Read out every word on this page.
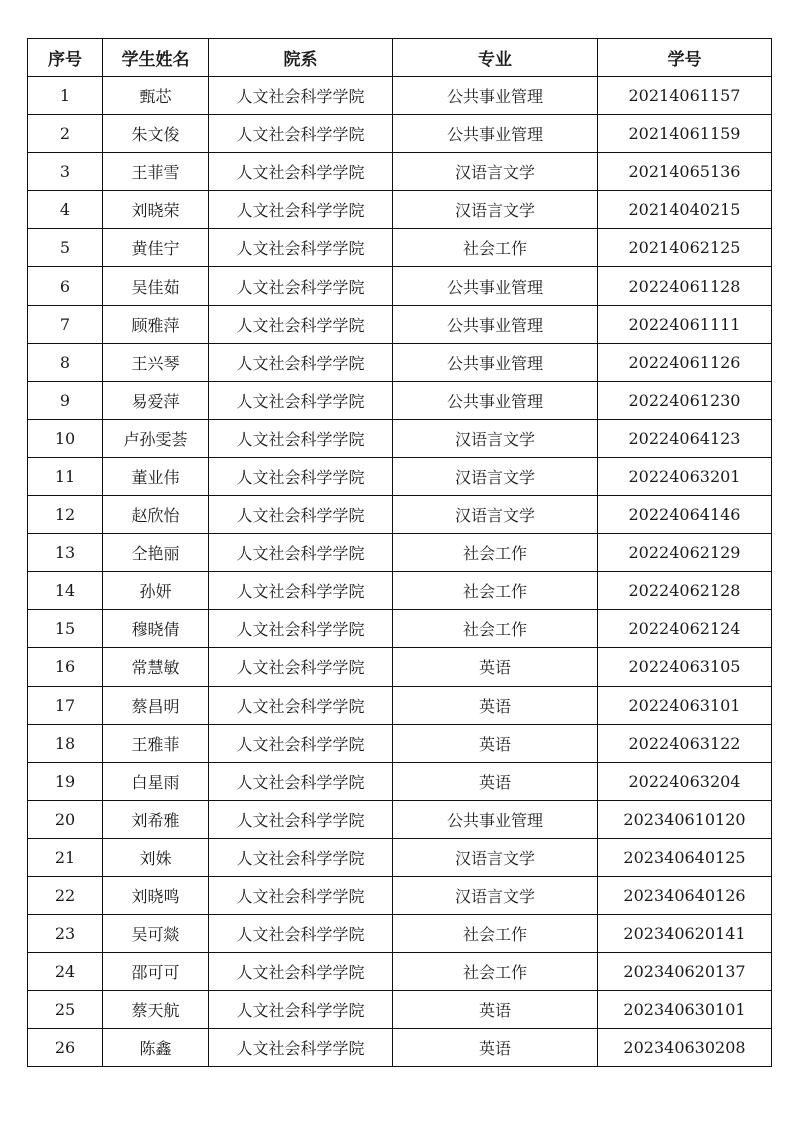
序号	学生姓名	院系	专业	学号
1	甄芯	人文社会科学学院	公共事业管理	20214061157
2	朱文俊	人文社会科学学院	公共事业管理	20214061159
3	王菲雪	人文社会科学学院	汉语言文学	20214065136
4	刘晓荣	人文社会科学学院	汉语言文学	20214040215
5	黄佳宁	人文社会科学学院	社会工作	20214062125
6	吴佳茹	人文社会科学学院	公共事业管理	20224061128
7	顾雅萍	人文社会科学学院	公共事业管理	20224061111
8	王兴琴	人文社会科学学院	公共事业管理	20224061126
9	易爱萍	人文社会科学学院	公共事业管理	20224061230
10	卢孙雯荟	人文社会科学学院	汉语言文学	20224064123
11	董业伟	人文社会科学学院	汉语言文学	20224063201
12	赵欣怡	人文社会科学学院	汉语言文学	20224064146
13	仝艳丽	人文社会科学学院	社会工作	20224062129
14	孙妍	人文社会科学学院	社会工作	20224062128
15	穆晓倩	人文社会科学学院	社会工作	20224062124
16	常慧敏	人文社会科学学院	英语	20224063105
17	蔡昌明	人文社会科学学院	英语	20224063101
18	王雅菲	人文社会科学学院	英语	20224063122
19	白星雨	人文社会科学学院	英语	20224063204
20	刘希雅	人文社会科学学院	公共事业管理	202340610120
21	刘姝	人文社会科学学院	汉语言文学	202340640125
22	刘晓鸣	人文社会科学学院	汉语言文学	202340640126
23	吴可燚	人文社会科学学院	社会工作	202340620141
24	邵可可	人文社会科学学院	社会工作	202340620137
25	蔡天航	人文社会科学学院	英语	202340630101
26	陈鑫	人文社会科学学院	英语	202340630208
